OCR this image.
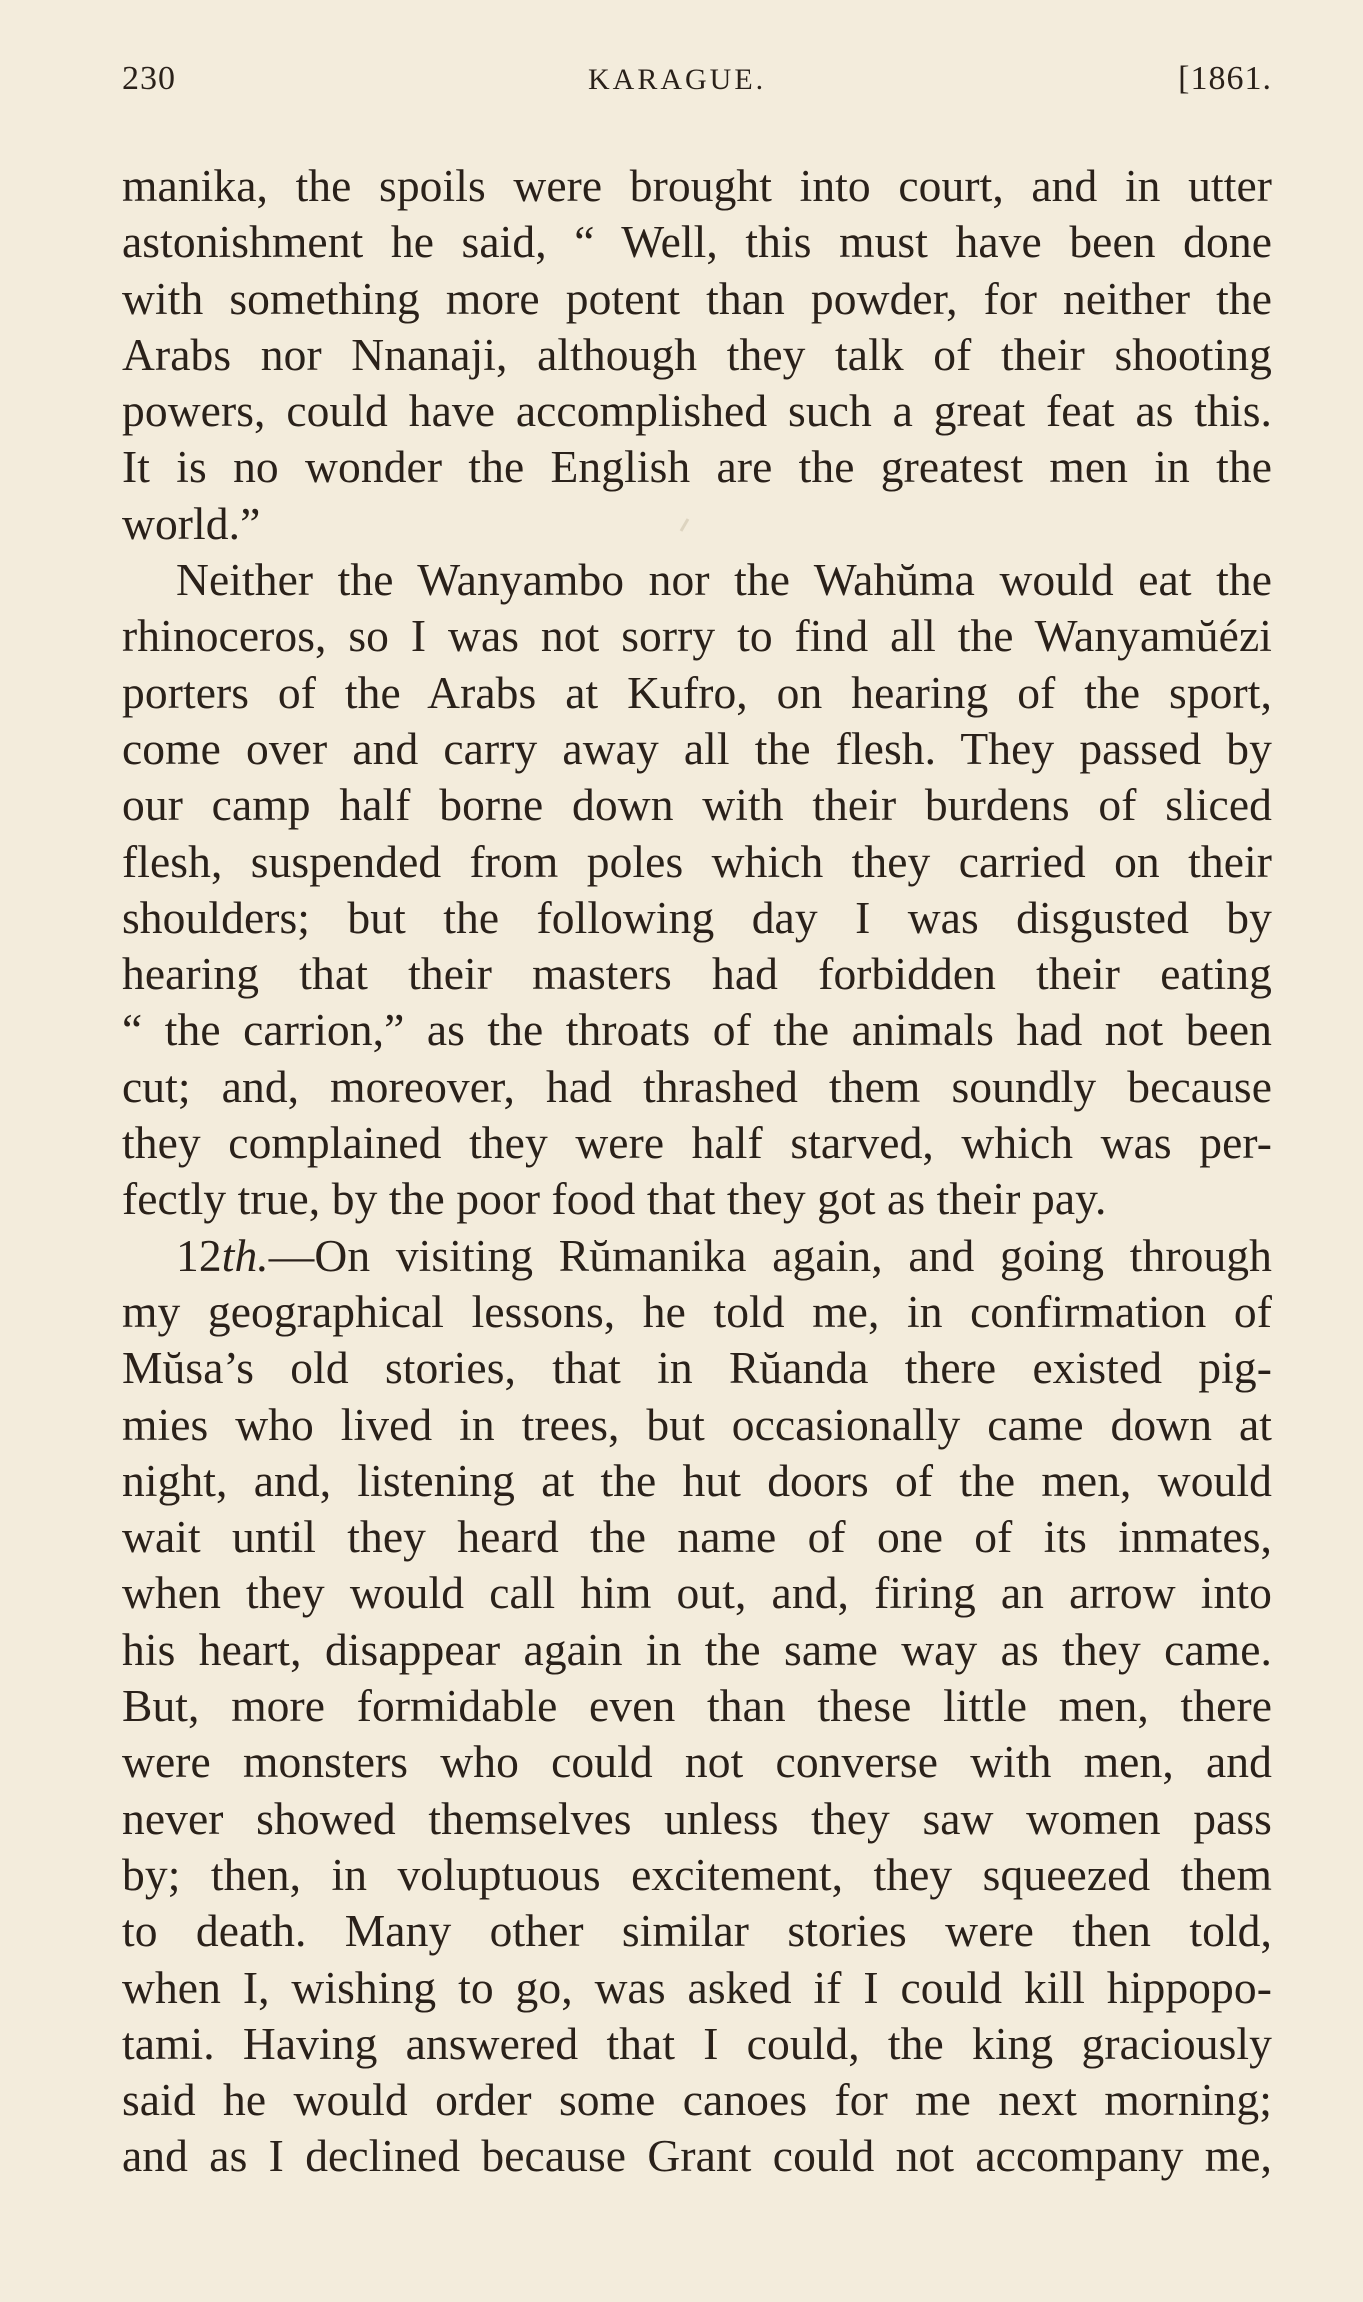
230	KARAGUE.	[1861.
manika, the spoils were brought into court, and in utter
astonishment he said, “ Well, this must have been done
with something more potent than powder, for neither the
Arabs nor Nnanaji, although they talk of their shooting
powers, could have accomplished such a great feat as this.
It is no wonder the English are the greatest men in the
world.”
Neither the Wanyambo nor the Wahŭma would eat the
rhinoceros, so I was not sorry to find all the Wanyamŭézi
porters of the Arabs at Kufro, on hearing of the sport,
come over and carry away all the flesh. They passed by
our camp half borne down with their burdens of sliced
flesh, suspended from poles which they carried on their
shoulders; but the following day I was disgusted by
hearing that their masters had forbidden their eating
“ the carrion,” as the throats of the animals had not been
cut; and, moreover, had thrashed them soundly because
they complained they were half starved, which was per-
fectly true, by the poor food that they got as their pay.
12th.—On visiting Rŭmanika again, and going through
my geographical lessons, he told me, in confirmation of
Mŭsa’s old stories, that in Rŭanda there existed pig-
mies who lived in trees, but occasionally came down at
night, and, listening at the hut doors of the men, would
wait until they heard the name of one of its inmates,
when they would call him out, and, firing an arrow into
his heart, disappear again in the same way as they came.
But, more formidable even than these little men, there
were monsters who could not converse with men, and
never showed themselves unless they saw women pass
by; then, in voluptuous excitement, they squeezed them
to death. Many other similar stories were then told,
when I, wishing to go, was asked if I could kill hippopo-
tami. Having answered that I could, the king graciously
said he would order some canoes for me next morning;
and as I declined because Grant could not accompany me,
